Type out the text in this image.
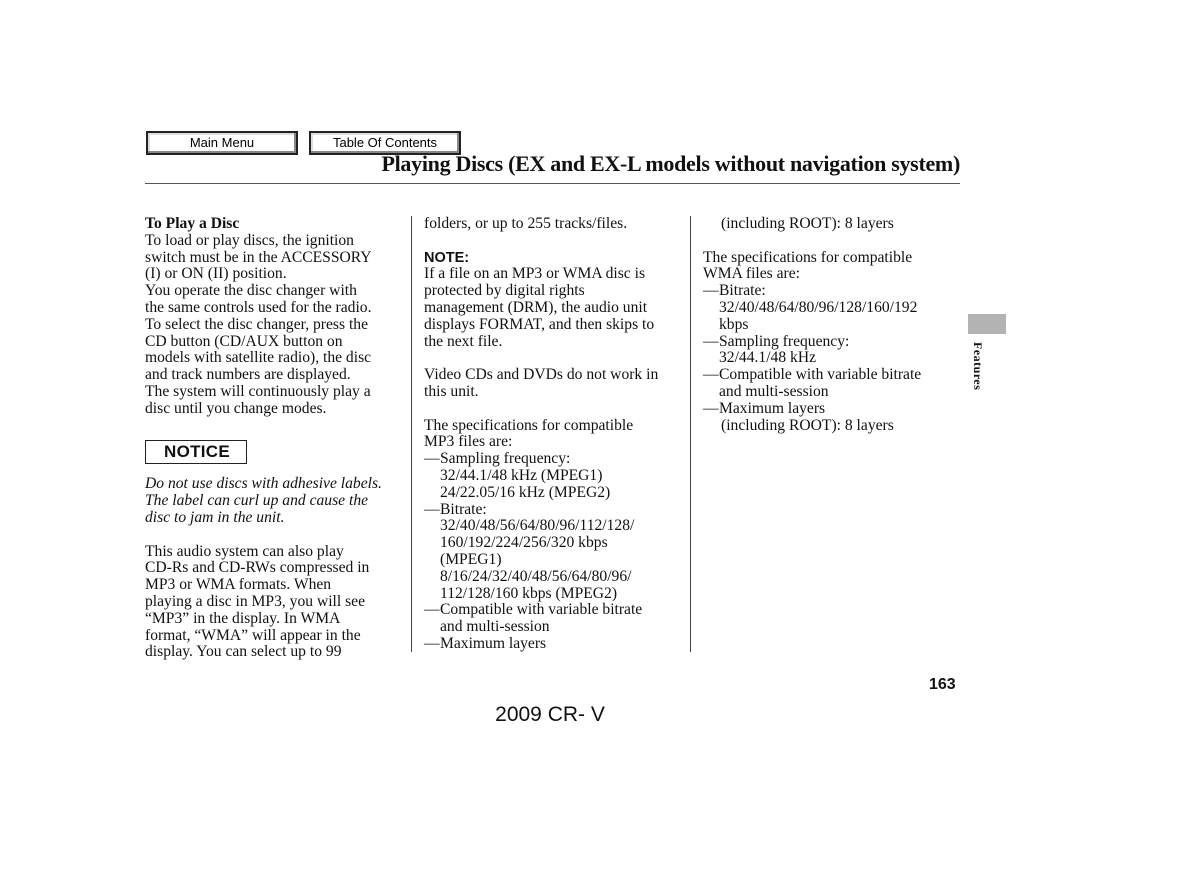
Main Menu	Table Of Contents
Playing Discs (EX and EX-L models without navigation system)

To Play a Disc

To load or play discs, the ignition
switch must be in the ACCESSORY
(I) or ON (II) position.
You operate the disc changer with
the same controls used for the radio.
To select the disc changer, press the
CD button (CD/AUX button on
models with satellite radio), the disc
and track numbers are displayed.
The system will continuously play a
disc until you change modes.
NOTICE
Do not use discs with adhesive labels.
The label can curl up and cause the
disc to jam in the unit.
This audio system can also play
CD-Rs and CD-RWs compressed in
MP3 or WMA formats. When
playing a disc in MP3, you will see
“MP3” in the display. In WMA
format, “WMA” will appear in the
display. You can select up to 99
folders, or up to 255 tracks/files.
NOTE:
If a file on an MP3 or WMA disc is
protected by digital rights
management (DRM), the audio unit
displays FORMAT, and then skips to
the next file.
Video CDs and DVDs do not work in
this unit.
The specifications for compatible
MP3 files are:
—Sampling frequency:
32/44.1/48 kHz (MPEG1)
24/22.05/16 kHz (MPEG2)
—Bitrate:
32/40/48/56/64/80/96/112/128/
160/192/224/256/320 kbps
(MPEG1)
8/16/24/32/40/48/56/64/80/96/
112/128/160 kbps (MPEG2)
—Compatible with variable bitrate
and multi-session
—Maximum layers
(including ROOT): 8 layers
The specifications for compatible
WMA files are:
—Bitrate:
32/40/48/64/80/96/128/160/192
kbps
—Sampling frequency:
32/44.1/48 kHz
—Compatible with variable bitrate
and multi-session
—Maximum layers
(including ROOT): 8 layers
Features
163
2009 CR- V
